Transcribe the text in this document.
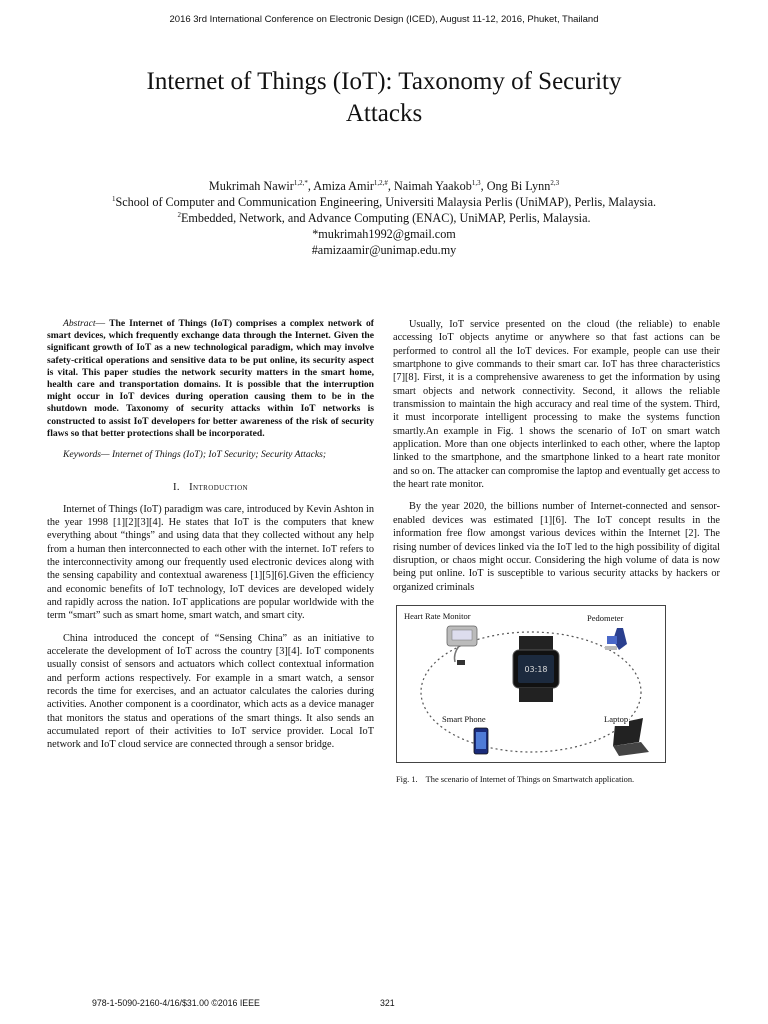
2016 3rd International Conference on Electronic Design (ICED), August 11-12, 2016, Phuket, Thailand
Internet of Things (IoT): Taxonomy of Security
Attacks
Mukrimah Nawir$^{1,2,*}$, Amiza Amir$^{1,2,\#}$, Naimah Yaakob$^{1,3}$, Ong Bi Lynn$^{2,3}$
$^1$School of Computer and Communication Engineering, Universiti Malaysia Perlis (UniMAP), Perlis, Malaysia.
$^2$Embedded, Network, and Advance Computing (ENAC), UniMAP, Perlis, Malaysia.
*mukrimah1992@gmail.com
#amizaamir@unimap.edu.my

Abstract— The Internet of Things (IoT) comprises a complex network of smart devices, which frequently exchange data through the Internet. Given the significant growth of IoT as a new technological paradigm, which may involve safety-critical operations and sensitive data to be put online, its security aspect is vital. This paper studies the network security matters in the smart home, health care and transportation domains. It is possible that the interruption might occur in IoT devices during operation causing them to be in the shutdown mode. Taxonomy of security attacks within IoT networks is constructed to assist IoT developers for better awareness of the risk of security flaws so that better protections shall be incorporated.

Keywords— Internet of Things (IoT); IoT Security; Security Attacks;

I. Introduction

Internet of Things (IoT) paradigm was care, introduced by Kevin Ashton in the year 1998 [1][2][3][4]. He states that IoT is the computers that knew everything about “things” and using data that they collected without any help from a human then interconnected to each other with the internet. IoT refers to the interconnectivity among our frequently used electronic devices along with the sensing capability and contextual awareness [1][5][6].Given the efficiency and economic benefits of IoT technology, IoT devices are developed widely and rapidly across the nation. IoT applications are popular worldwide with the term “smart” such as smart home, smart watch, and smart city.

China introduced the concept of “Sensing China” as an initiative to accelerate the development of IoT across the country [3][4]. IoT components usually consist of sensors and actuators which collect contextual information and perform actions respectively. For example in a smart watch, a sensor records the time for exercises, and an actuator calculates the calories during activities. Another component is a coordinator, which acts as a device manager that monitors the status and operations of the smart things. It also sends an accumulated report of their activities to IoT service provider. Local IoT network and IoT cloud service are connected through a sensor bridge.

Usually, IoT service presented on the cloud (the reliable) to enable accessing IoT objects anytime or anywhere so that fast actions can be performed to control all the IoT devices. For example, people can use their smartphone to give commands to their smart car. IoT has three characteristics [7][8]. First, it is a comprehensive awareness to get the information by using smart objects and network connectivity. Second, it allows the reliable transmission to maintain the high accuracy and real time of the system. Third, it must incorporate intelligent processing to make the systems function smartly.An example in Fig. 1 shows the scenario of IoT on smart watch application. More than one objects interlinked to each other, where the laptop linked to the smartphone, and the smartphone linked to a heart rate monitor and so on. The attacker can compromise the laptop and eventually get access to the heart rate monitor.

By the year 2020, the billions number of Internet-connected and sensor-enabled devices was estimated [1][6]. The IoT concept results in the information free flow amongst various devices within the Internet [2]. The rising number of devices linked via the IoT led to the high possibility of digital disruption, or chaos might occur. Considering the high volume of data is now being put online. IoT is susceptible to various security attacks by hackers or organized criminals

03:18
Heart Rate Monitor	Pedometer
Smart Phone	Laptop
Fig. 1. The scenario of Internet of Things on Smartwatch application.
978-1-5090-2160-4/16/$31.00 ©2016 IEEE	321
